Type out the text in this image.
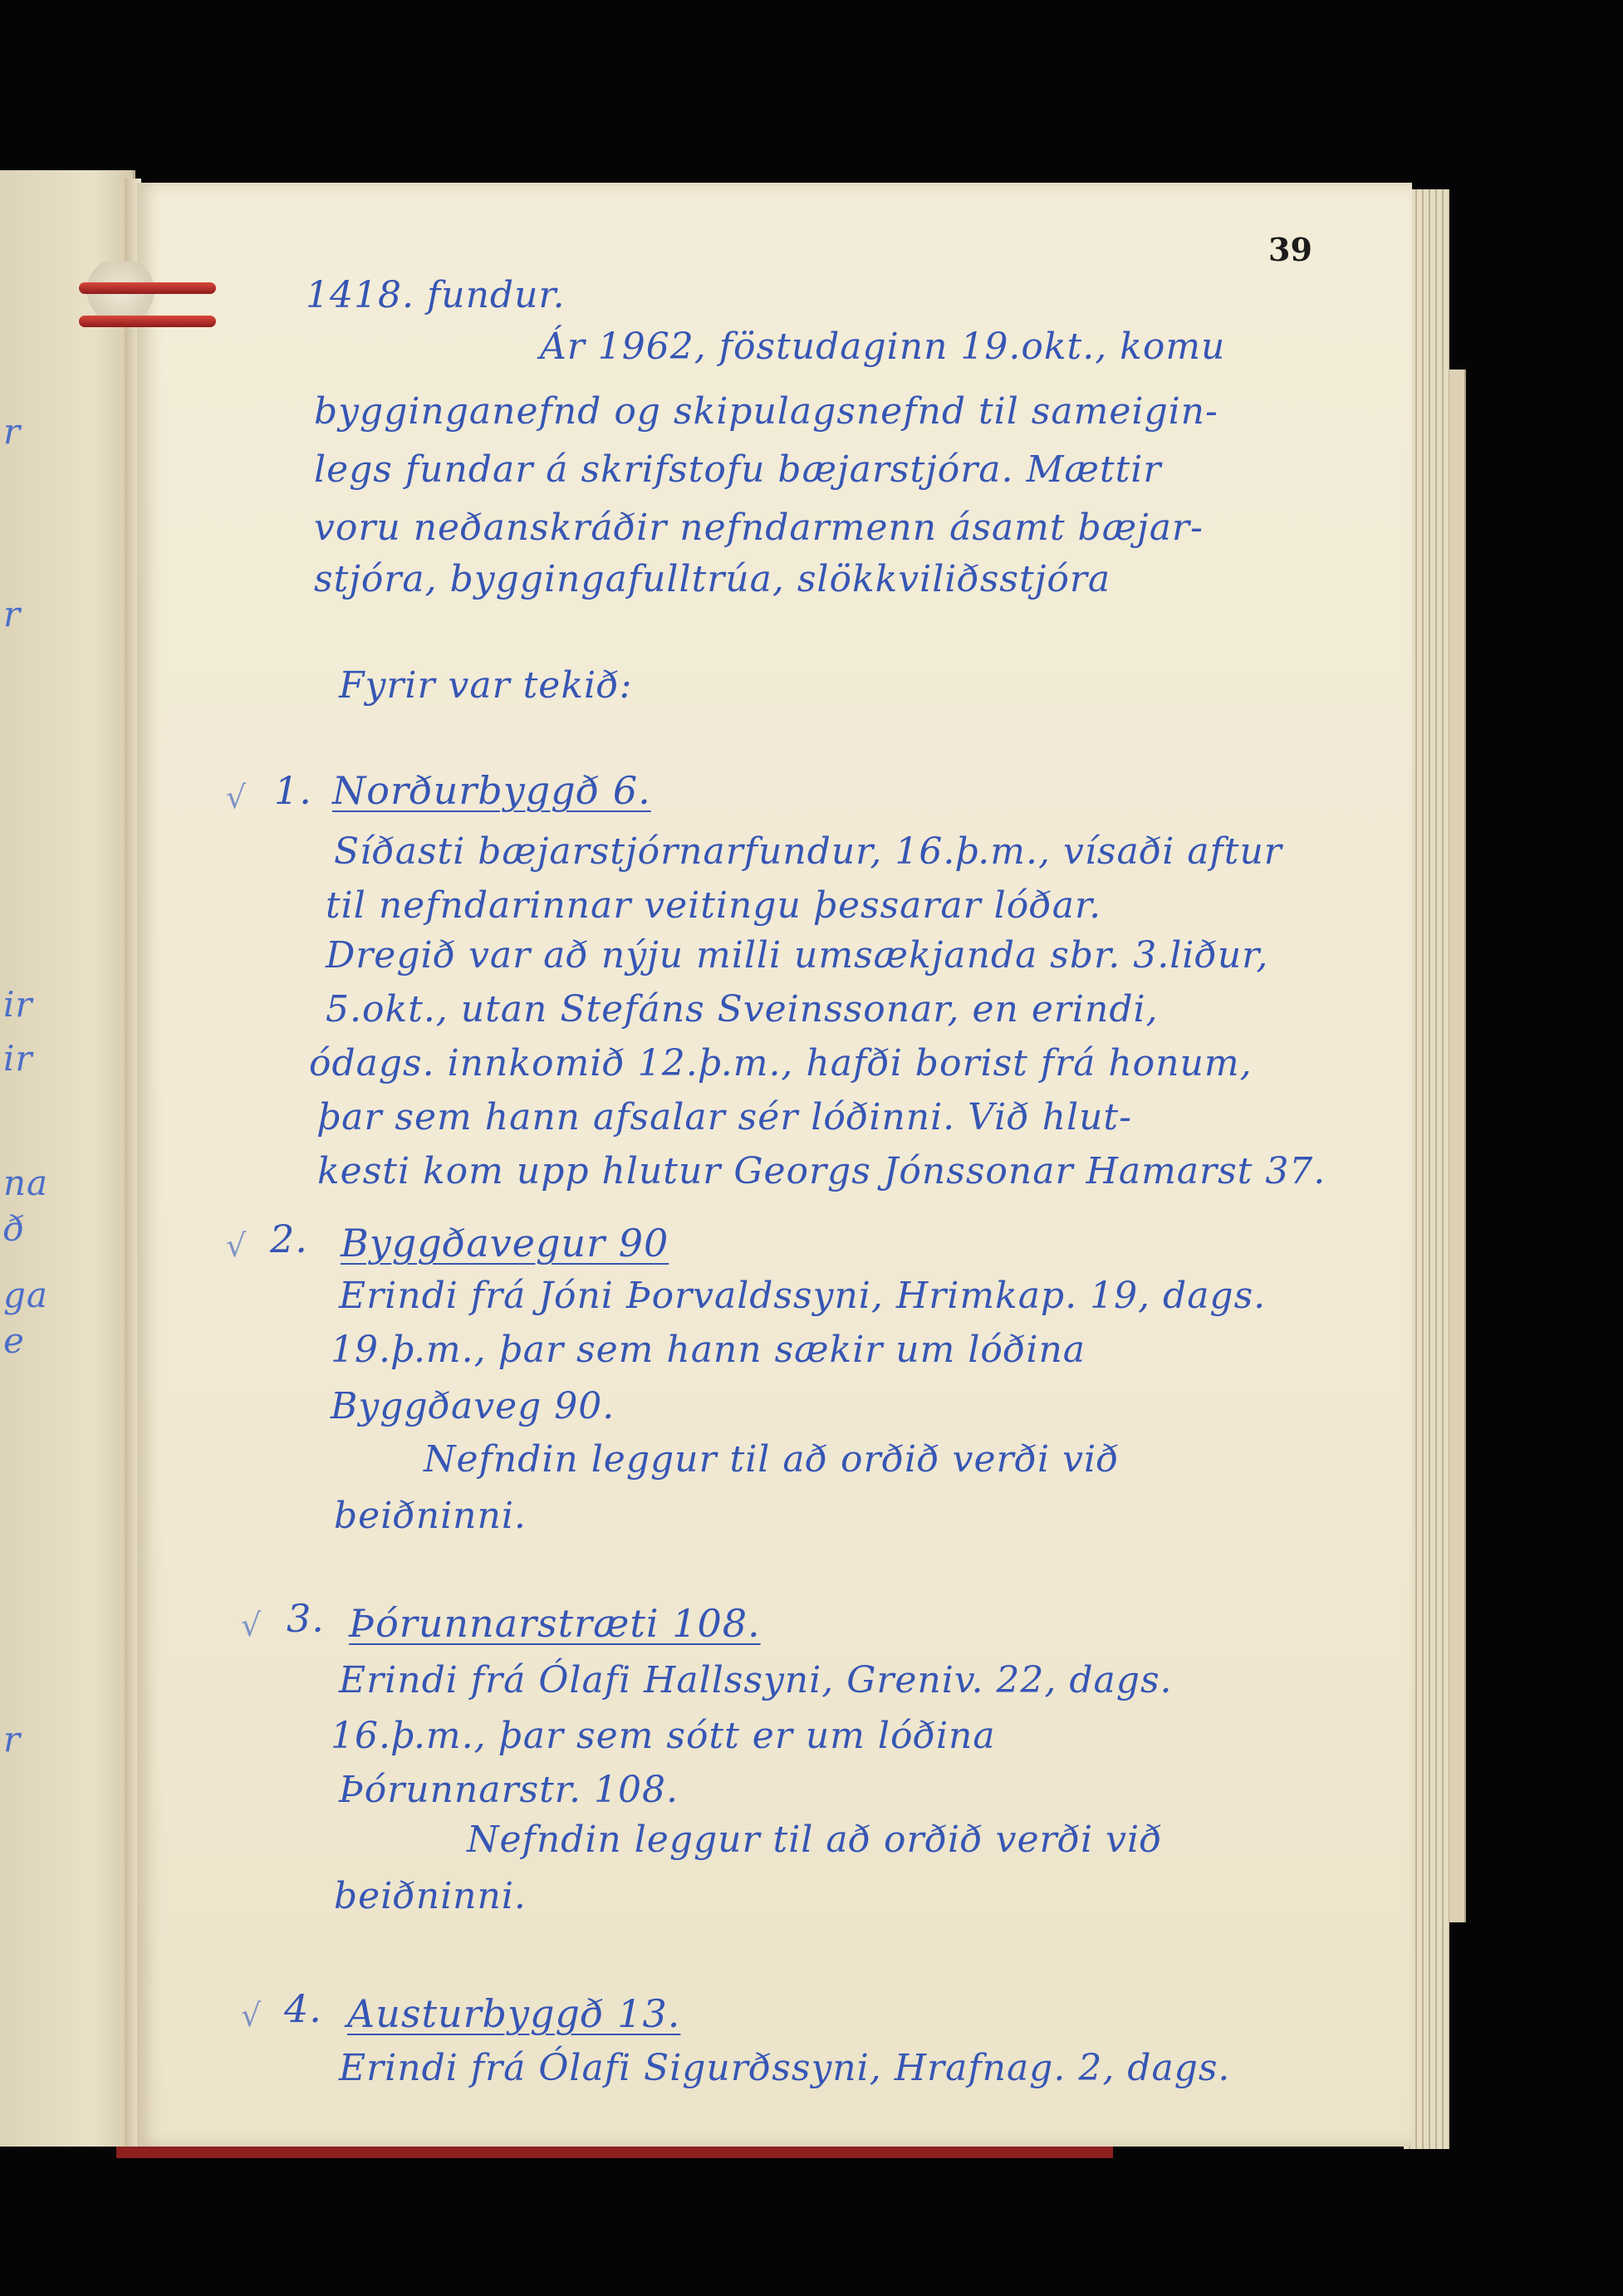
r
r
ir
ir
na
ð
ga
e
r
39
1418. fundur.
Ár 1962, föstudaginn 19.okt., komu
bygginganefnd og skipulagsnefnd til sameigin-
legs fundar á skrifstofu bæjarstjóra. Mættir
voru neðanskráðir nefndarmenn ásamt bæjar-
stjóra, byggingafulltrúa, slökkviliðsstjóra
Fyrir var tekið:
√ 1. Norðurbyggð 6.
Síðasti bæjarstjórnarfundur, 16.þ.m., vísaði aftur
til nefndarinnar veitingu þessarar lóðar.
Dregið var að nýju milli umsækjanda sbr. 3.liður,
5.okt., utan Stefáns Sveinssonar, en erindi,
ódags. innkomið 12.þ.m., hafði borist frá honum,
þar sem hann afsalar sér lóðinni. Við hlut-
kesti kom upp hlutur Georgs Jónssonar Hamarst 37.
√ 2. Byggðavegur 90
Erindi frá Jóni Þorvaldssyni, Hrimkap. 19, dags.
19.þ.m., þar sem hann sækir um lóðina
Byggðaveg 90.
Nefndin leggur til að orðið verði við
beiðninni.
√ 3. Þórunnarstræti 108.
Erindi frá Ólafi Hallssyni, Greniv. 22, dags.
16.þ.m., þar sem sótt er um lóðina
Þórunnarstr. 108.
Nefndin leggur til að orðið verði við
beiðninni.
√ 4. Austurbyggð 13.
Erindi frá Ólafi Sigurðssyni, Hrafnag. 2, dags.
